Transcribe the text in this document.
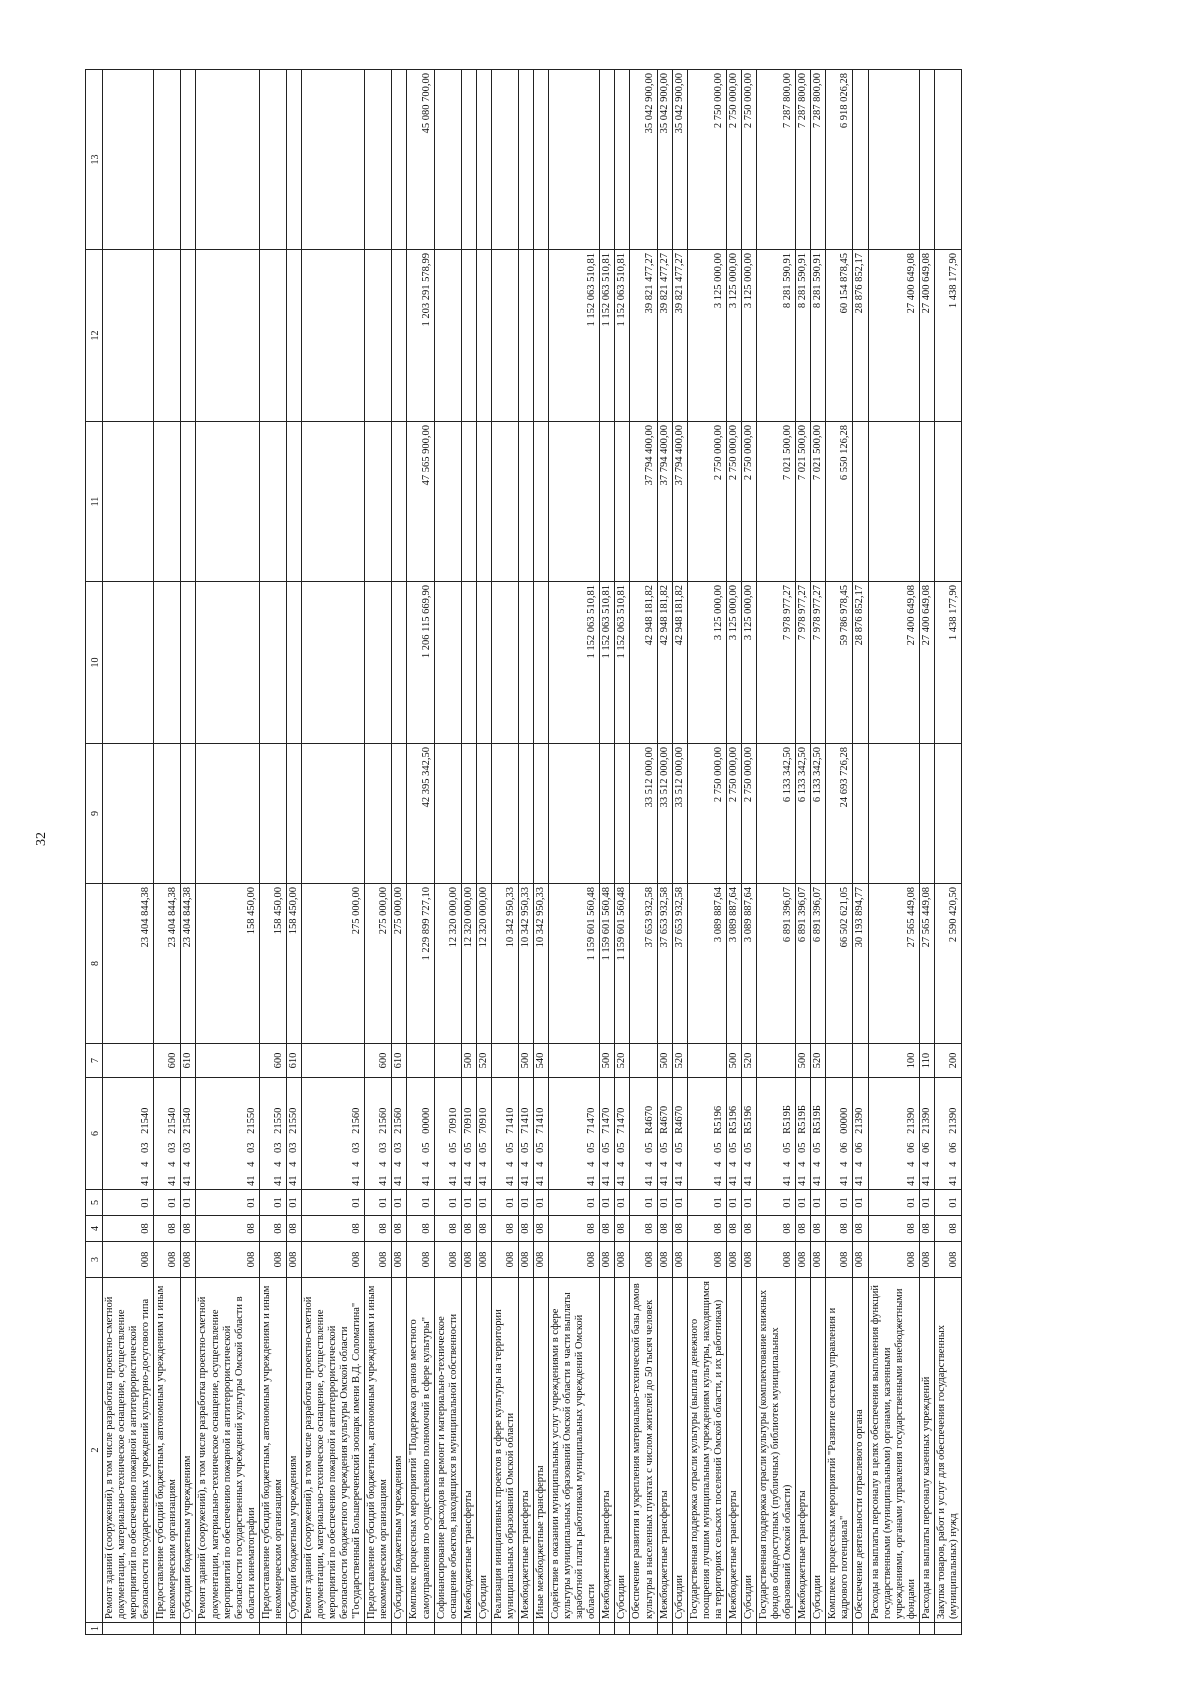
32
1	2	3	4	5	6	7	8	9	10	11	12	13
	Ремонт зданий (сооружений), в том числе разработка проектно-сметной документации, материально-техническое оснащение, осуществление мероприятий по обеспечению пожарной и антитеррористической безопасности государственных учреждений культурно-досугового типа	008	08	01	41 4 03 21540		23 404 844,38					
	Предоставление субсидий бюджетным, автономным учреждениям и иным некоммерческим организациям	008	08	01	41 4 03 21540	600	23 404 844,38					
	Субсидии бюджетным учреждениям	008	08	01	41 4 03 21540	610	23 404 844,38					
	Ремонт зданий (сооружений), в том числе разработка проектно-сметной документации, материально-техническое оснащение, осуществление мероприятий по обеспечению пожарной и антитеррористической безопасности государственных учреждений культуры Омской области в области кинематографии	008	08	01	41 4 03 21550		158 450,00					
	Предоставление субсидий бюджетным, автономным учреждениям и иным некоммерческим организациям	008	08	01	41 4 03 21550	600	158 450,00					
	Субсидии бюджетным учреждениям	008	08	01	41 4 03 21550	610	158 450,00					
	Ремонт зданий (сооружений), в том числе разработка проектно-сметной документации, материально-техническое оснащение, осуществление мероприятий по обеспечению пожарной и антитеррористической безопасности бюджетного учреждения культуры Омской области "Государственный Большереченский зоопарк имени В.Д. Соломатина"	008	08	01	41 4 03 21560		275 000,00					
	Предоставление субсидий бюджетным, автономным учреждениям и иным некоммерческим организациям	008	08	01	41 4 03 21560	600	275 000,00					
	Субсидии бюджетным учреждениям	008	08	01	41 4 03 21560	610	275 000,00					
	Комплекс процессных мероприятий "Поддержка органов местного самоуправления по осуществлению полномочий в сфере культуры"	008	08	01	41 4 05 00000		1 229 899 727,10	42 395 342,50	1 206 115 669,90	47 565 900,00	1 203 291 578,99	45 080 700,00
	Софинансирование расходов на ремонт и материально-техническое оснащение объектов, находящихся в муниципальной собственности	008	08	01	41 4 05 70910		12 320 000,00					
	Межбюджетные трансферты	008	08	01	41 4 05 70910	500	12 320 000,00					
	Субсидии	008	08	01	41 4 05 70910	520	12 320 000,00					
	Реализация инициативных проектов в сфере культуры на территории муниципальных образований Омской области	008	08	01	41 4 05 71410		10 342 950,33					
	Межбюджетные трансферты	008	08	01	41 4 05 71410	500	10 342 950,33					
	Иные межбюджетные трансферты	008	08	01	41 4 05 71410	540	10 342 950,33					
	Содействие в оказании муниципальных услуг учреждениями в сфере культуры муниципальных образований Омской области в части выплаты заработной платы работникам муниципальных учреждений Омской области	008	08	01	41 4 05 71470		1 159 601 560,48		1 152 063 510,81		1 152 063 510,81	
	Межбюджетные трансферты	008	08	01	41 4 05 71470	500	1 159 601 560,48		1 152 063 510,81		1 152 063 510,81	
	Субсидии	008	08	01	41 4 05 71470	520	1 159 601 560,48		1 152 063 510,81		1 152 063 510,81	
	Обеспечение развития и укрепления материально-технической базы домов культуры в населенных пунктах с числом жителей до 50 тысяч человек	008	08	01	41 4 05 R4670		37 653 932,58	33 512 000,00	42 948 181,82	37 794 400,00	39 821 477,27	35 042 900,00
	Межбюджетные трансферты	008	08	01	41 4 05 R4670	500	37 653 932,58	33 512 000,00	42 948 181,82	37 794 400,00	39 821 477,27	35 042 900,00
	Субсидии	008	08	01	41 4 05 R4670	520	37 653 932,58	33 512 000,00	42 948 181,82	37 794 400,00	39 821 477,27	35 042 900,00
	Государственная поддержка отрасли культуры (выплата денежного поощрения лучшим муниципальным учреждениям культуры, находящимся на территориях сельских поселений Омской области, и их работникам)	008	08	01	41 4 05 R5196		3 089 887,64	2 750 000,00	3 125 000,00	2 750 000,00	3 125 000,00	2 750 000,00
	Межбюджетные трансферты	008	08	01	41 4 05 R5196	500	3 089 887,64	2 750 000,00	3 125 000,00	2 750 000,00	3 125 000,00	2 750 000,00
	Субсидии	008	08	01	41 4 05 R5196	520	3 089 887,64	2 750 000,00	3 125 000,00	2 750 000,00	3 125 000,00	2 750 000,00
	Государственная поддержка отрасли культуры (комплектование книжных фондов общедоступных (публичных) библиотек муниципальных образований Омской области)	008	08	01	41 4 05 R519Б		6 891 396,07	6 133 342,50	7 978 977,27	7 021 500,00	8 281 590,91	7 287 800,00
	Межбюджетные трансферты	008	08	01	41 4 05 R519Б	500	6 891 396,07	6 133 342,50	7 978 977,27	7 021 500,00	8 281 590,91	7 287 800,00
	Субсидии	008	08	01	41 4 05 R519Б	520	6 891 396,07	6 133 342,50	7 978 977,27	7 021 500,00	8 281 590,91	7 287 800,00
	Комплекс процессных мероприятий "Развитие системы управления и кадрового потенциала"	008	08	01	41 4 06 00000		66 502 621,05	24 693 726,28	59 786 978,45	6 550 126,28	60 154 878,45	6 918 026,28
	Обеспечение деятельности отраслевого органа	008	08	01	41 4 06 21390		30 193 894,77		28 876 852,17		28 876 852,17	
	Расходы на выплаты персоналу в целях обеспечения выполнения функций государственными (муниципальными) органами, казенными учреждениями, органами управления государственными внебюджетными фондами	008	08	01	41 4 06 21390	100	27 565 449,08		27 400 649,08		27 400 649,08	
	Расходы на выплаты персоналу казенных учреждений	008	08	01	41 4 06 21390	110	27 565 449,08		27 400 649,08		27 400 649,08	
	Закупка товаров, работ и услуг для обеспечения государственных (муниципальных) нужд	008	08	01	41 4 06 21390	200	2 590 420,50		1 438 177,90		1 438 177,90	
